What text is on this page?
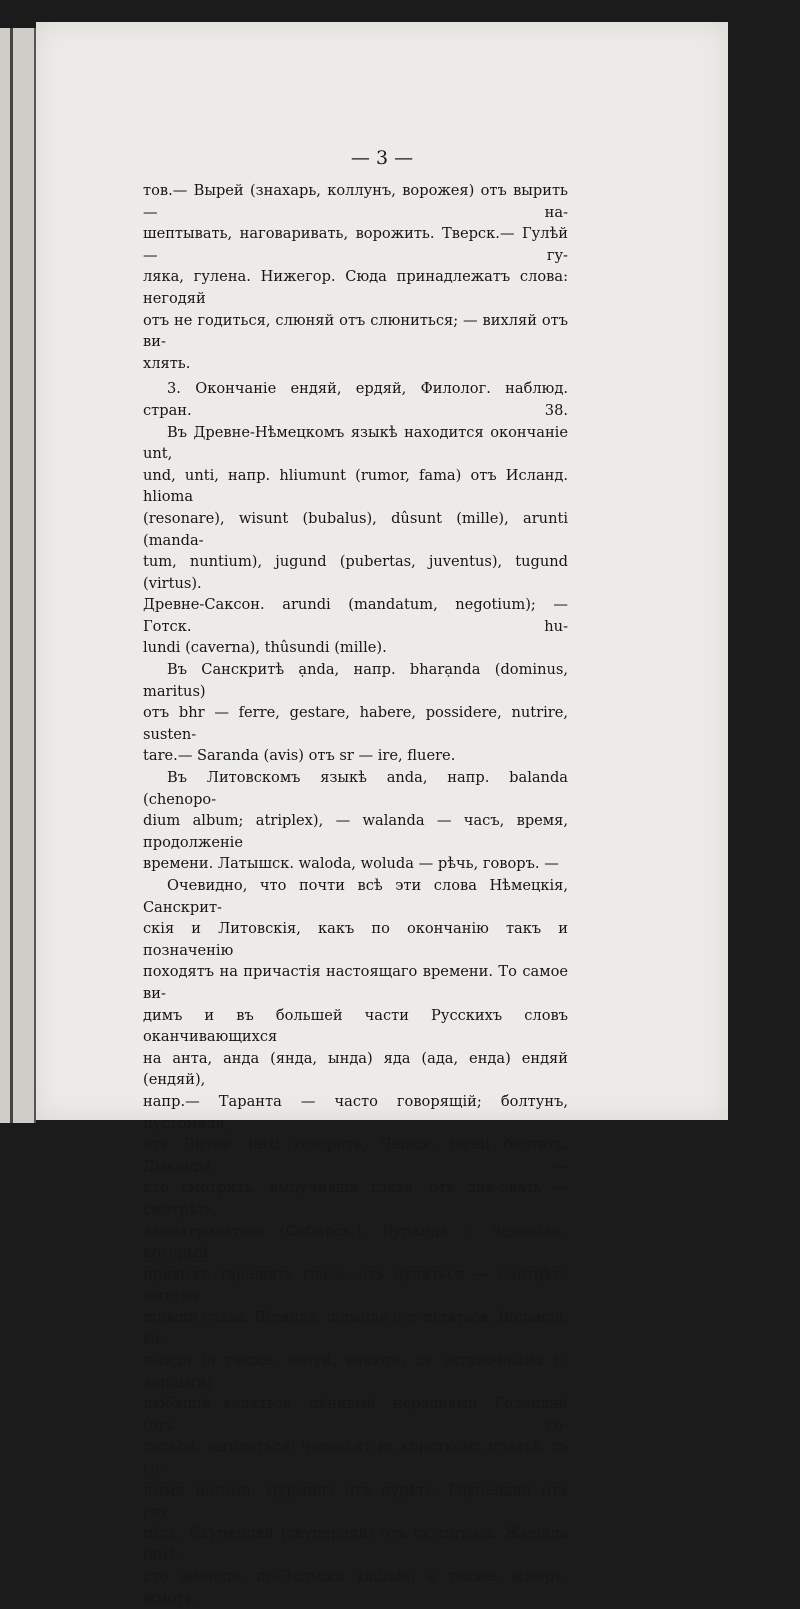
— 3 —

тов.— Вырей (знахарь, коллунъ, ворожея) отъ вырить — на-

шептывать, наговаривать, ворожить. Тверск.— Гулѣй — гу-

ляка, гулена. Нижегор. Сюда принадлежатъ слова: негодяй

отъ не годиться, слюняй отъ слюниться; — вихляй отъ ви-

хлять.

3. Окончаніе ендяй, ердяй, Филолог. наблюд. стран. 38.

Въ Древне-Нѣмецкомъ языкѣ находится окончаніе unt,

und, unti, напр. hliumunt (rumor, fama) отъ Исланд. hlioma

(resonare), wisunt (bubalus), dûsunt (mille), arunti (manda-

tum, nuntium), jugund (pubertas, juventus), tugund (virtus).

Древне-Саксон. arundi (mandatum, negotium); — Готск. hu-

lundi (caverna), thûsundi (mille).

Въ Санскритѣ ạnda, напр. bharạnda (dominus, maritus)

отъ bhr — ferre, gestare, habere, possidere, nutrire, susten-

tare.— Saranda (avis) отъ sr — ire, fluere.

Въ Литовскомъ языкѣ anda, напр. balanda (chenopo-

dium album; atriplex), — walanda — часъ, время, продолженіе

времени. Латышск. waloda, woluda — рѣчь, говоръ. —

Очевидно, что почти всѣ эти слова Нѣмецкія, Санскрит-

скія и Литовскія, какъ по окончанію такъ и позначенію

походятъ на причастія настоящаго времени. То самое ви-

димъ и въ большей части Русскихъ словъ оканчивающихся

на анта, анда (янда, ында) яда (ада, енда) ендяй (ендяй),

напр.— Таранта — часто говорящій; болтунъ, пустомеля,

отъ Литов. tarti говорить, Чешск. tarati болтать. Дыканда —

кто смотритъ, выпучивши глаза, отъ дик-овать — смотрѣть,

засматриваться (Сибирск.). Лупанда — человѣкъ, который

привыкъ таращить глаза, отъ лупиться — смотрѣть вытара-

щивши глаза. Шлянда, шлында отъ шляться. Валанда, ва-

лында (а также: валуй, валюга, съ вставочнымъ р. варлыга)

любящій валяться, лѣнивый, нерадивый. Голендай (отъ го-

литься, заголяться) человѣкъ въ короткомъ платьѣ, съ го-

лыми ногами. Дурында отъ дурѣть. Глупендяй отъ глу-

пѣть. Скупендяй (скупердяй) отъ скупиться. Жмойда (вмѣ-

сто жмонда, по-Польски żminda) а также: жмаръ, жмотъ,
